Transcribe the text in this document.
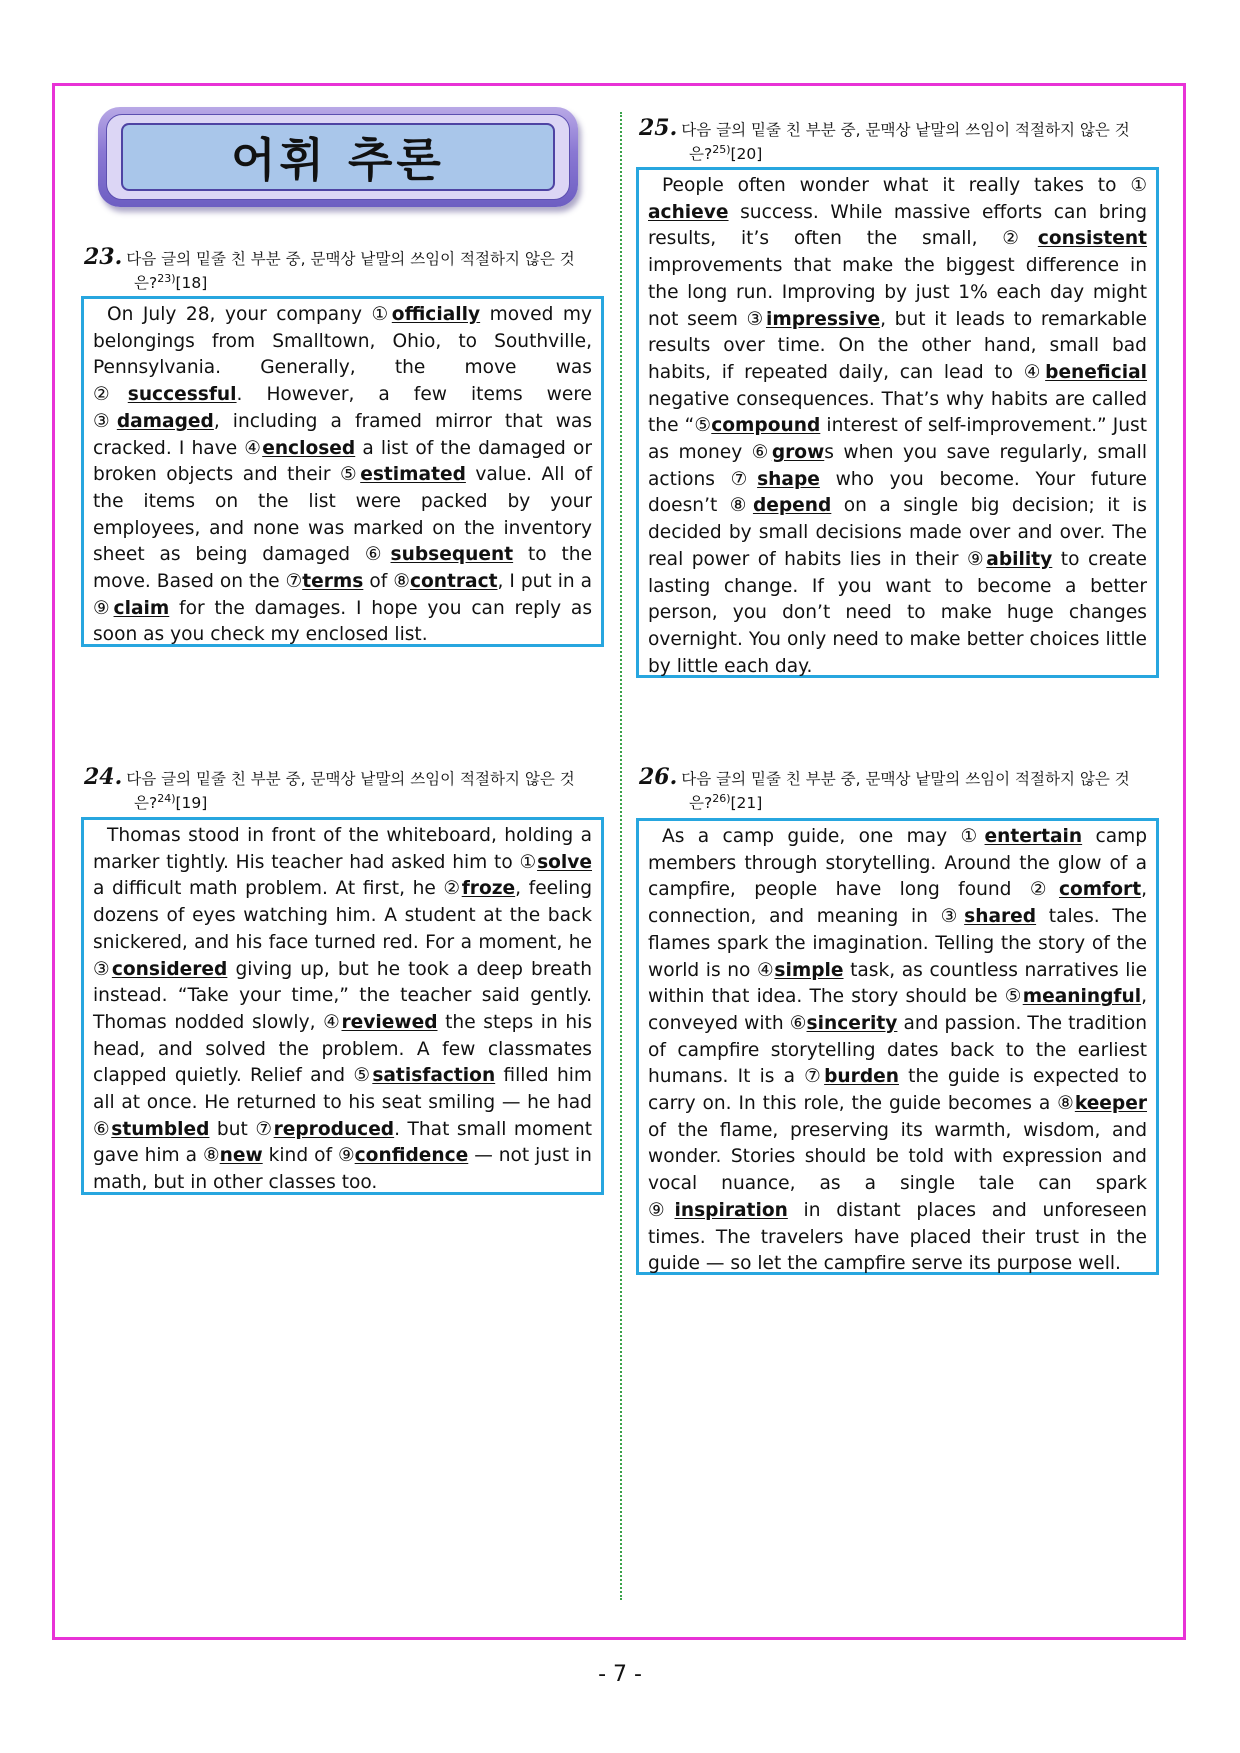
어휘 추론
23. 다음 글의 밑줄 친 부분 중, 문맥상 낱말의 쓰임이 적절하지 않은 것
은?$^{23)}$[18]

On July 28, your company ①officially moved my belongings from Smalltown, Ohio, to Southville, Pennsylvania. Generally, the move was ②successful. However, a few items were ③damaged, including a framed mirror that was cracked. I have ④enclosed a list of the damaged or broken objects and their ⑤estimated value. All of the items on the list were packed by your employees, and none was marked on the inventory sheet as being damaged ⑥subsequent to the move. Based on the ⑦terms of ⑧contract, I put in a ⑨claim for the damages. I hope you can reply as soon as you check my enclosed list.

24. 다음 글의 밑줄 친 부분 중, 문맥상 낱말의 쓰임이 적절하지 않은 것
은?$^{24)}$[19]

Thomas stood in front of the whiteboard, holding a marker tightly. His teacher had asked him to ①solve a difficult math problem. At first, he ②froze, feeling dozens of eyes watching him. A student at the back snickered, and his face turned red. For a moment, he ③considered giving up, but he took a deep breath instead. “Take your time,” the teacher said gently. Thomas nodded slowly, ④reviewed the steps in his head, and solved the problem. A few classmates clapped quietly. Relief and ⑤satisfaction filled him all at once. He returned to his seat smiling — he had ⑥stumbled but ⑦reproduced. That small moment gave him a ⑧new kind of ⑨confidence — not just in math, but in other classes too.

25. 다음 글의 밑줄 친 부분 중, 문맥상 낱말의 쓰임이 적절하지 않은 것
은?$^{25)}$[20]

People often wonder what it really takes to ① achieve success. While massive efforts can bring results, it’s often the small, ②consistent improvements that make the biggest difference in the long run. Improving by just 1% each day might not seem ③impressive, but it leads to remarkable results over time. On the other hand, small bad habits, if repeated daily, can lead to ④beneficial negative consequences. That’s why habits are called the “⑤compound interest of self-improvement.” Just as money ⑥grows when you save regularly, small actions ⑦shape who you become. Your future doesn’t ⑧depend on a single big decision; it is decided by small decisions made over and over. The real power of habits lies in their ⑨ability to create lasting change. If you want to become a better person, you don’t need to make huge changes overnight. You only need to make better choices little by little each day.

26. 다음 글의 밑줄 친 부분 중, 문맥상 낱말의 쓰임이 적절하지 않은 것
은?$^{26)}$[21]

As a camp guide, one may ①entertain camp members through storytelling. Around the glow of a campfire, people have long found ②comfort, connection, and meaning in ③shared tales. The flames spark the imagination. Telling the story of the world is no ④simple task, as countless narratives lie within that idea. The story should be ⑤meaningful, conveyed with ⑥sincerity and passion. The tradition of campfire storytelling dates back to the earliest humans. It is a ⑦burden the guide is expected to carry on. In this role, the guide becomes a ⑧keeper of the flame, preserving its warmth, wisdom, and wonder. Stories should be told with expression and vocal nuance, as a single tale can spark ⑨inspiration in distant places and unforeseen times. The travelers have placed their trust in the guide — so let the campfire serve its purpose well.

- 7 -
